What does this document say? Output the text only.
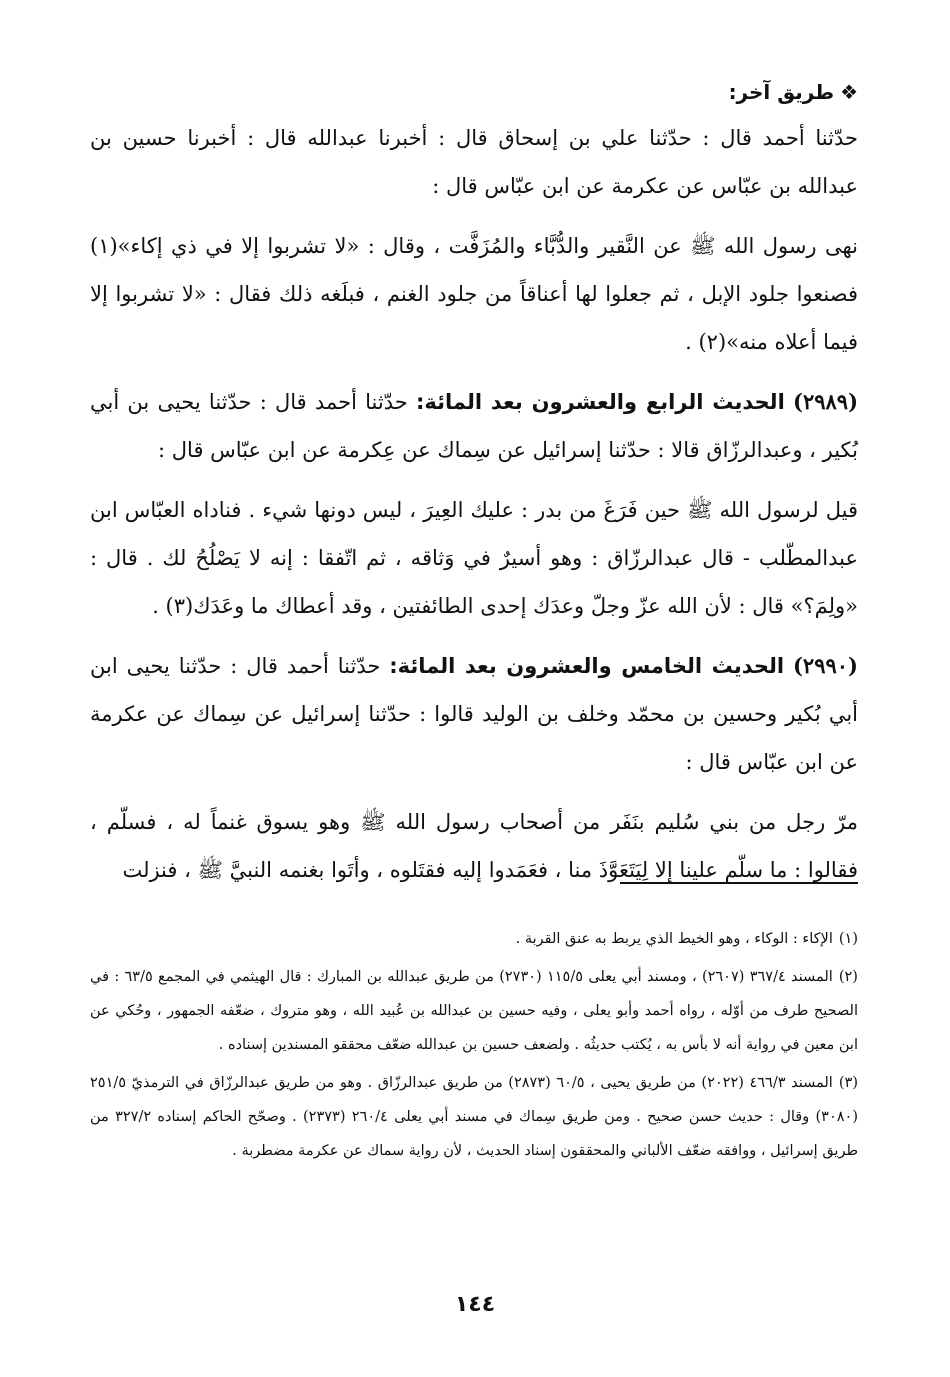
❖طريق آخر:

حدّثنا أحمد قال : حدّثنا علي بن إسحاق قال : أخبرنا عبدالله قال : أخبرنا حسين بن عبدالله بن عبّاس عن عكرمة عن ابن عبّاس قال :

نهى رسول الله ﷺ عن النَّقير والدُّبَّاء والمُزَفَّت ، وقال : «لا تشربوا إلا في ذي إكاء»(١) فصنعوا جلود الإبل ، ثم جعلوا لها أعناقاً من جلود الغنم ، فبلَغه ذلك فقال : «لا تشربوا إلا فيما أعلاه منه»(٢) .

(٢٩٨٩) الحديث الرابع والعشرون بعد المائة: حدّثنا أحمد قال : حدّثنا يحيى بن أبي بُكير ، وعبدالرزّاق قالا : حدّثنا إسرائيل عن سِماك عن عِكرمة عن ابن عبّاس قال :

قيل لرسول الله ﷺ حين فَرَغَ من بدر : عليك العِيرَ ، ليس دونها شيء . فناداه العبّاس ابن عبدالمطّلب - قال عبدالرزّاق : وهو أسيرٌ في وَثاقه ، ثم اتّفقا : إنه لا يَصْلُحُ لك . قال : «ولِمَ؟» قال : لأن الله عزّ وجلّ وعدَك إحدى الطائفتين ، وقد أعطاك ما وعَدَك(٣) .

(٢٩٩٠) الحديث الخامس والعشرون بعد المائة: حدّثنا أحمد قال : حدّثنا يحيى ابن أبي بُكير وحسين بن محمّد وخلف بن الوليد قالوا : حدّثنا إسرائيل عن سِماك عن عكرمة عن ابن عبّاس قال :

مرّ رجل من بني سُليم بنَفَر من أصحاب رسول الله ﷺ وهو يسوق غنماً له ، فسلّم ، فقالوا : ما سلّم علينا إلا لِيَتَعَوَّذَ منا ، فعَمَدوا إليه فقتَلوه ، وأتَوا بغنمه النبيَّ ﷺ ، فنزلت

(١)الإكاء : الوكاء ، وهو الخيط الذي يربط به عنق القربة .

(٢)المسند ٣٦٧/٤ (٢٦٠٧) ، ومسند أبي يعلى ١١٥/٥ (٢٧٣٠) من طريق عبدالله بن المبارك : قال الهيثمي في المجمع ٦٣/٥ : في الصحيح طرف من أوّله ، رواه أحمد وأبو يعلى ، وفيه حسين بن عبدالله بن عُبيد الله ، وهو متروك ، ضعّفه الجمهور ، وحُكي عن ابن معين في رواية أنه لا بأس به ، يُكتب حديثُه . ولضعف حسين بن عبدالله ضعّف محققو المسندين إسناده .

(٣)المسند ٤٦٦/٣ (٢٠٢٢) من طريق يحيى ، ٦٠/٥ (٢٨٧٣) من طريق عبدالرزّاق . وهو من طريق عبدالرزّاق في الترمذيّ ٢٥١/٥ (٣٠٨٠) وقال : حديث حسن صحيح . ومن طريق سِماك في مسند أبي يعلى ٢٦٠/٤ (٢٣٧٣) . وصحّح الحاكم إسناده ٣٢٧/٢ من طريق إسرائيل ، ووافقه ضعّف الألباني والمحققون إسناد الحديث ، لأن رواية سماك عن عكرمة مضطربة .

١٤٤
